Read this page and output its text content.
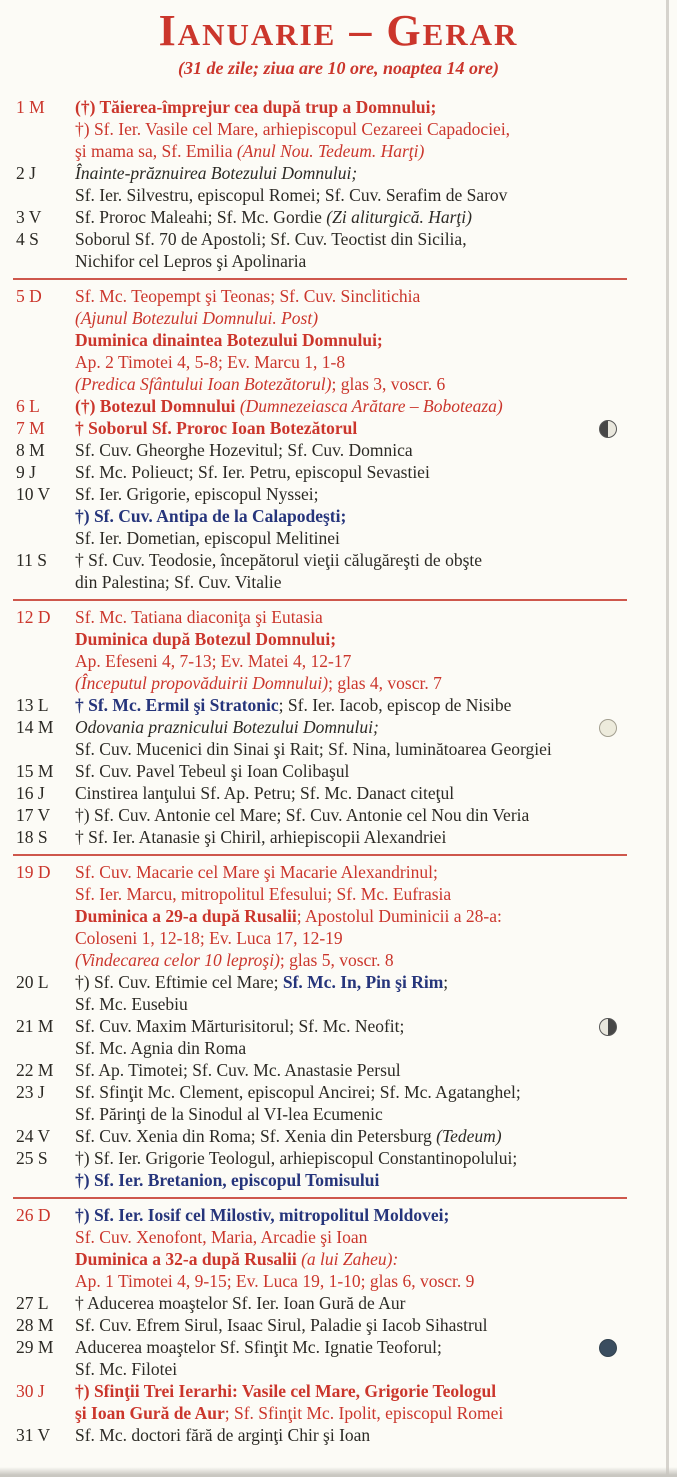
Ianuarie – Gerar
(31 de zile; ziua are 10 ore, noaptea 14 ore)
1 M	(†) Tăierea-împrejur cea după trup a Domnului;
†) Sf. Ier. Vasile cel Mare, arhiepiscopul Cezareei Capadociei,
şi mama sa, Sf. Emilia (Anul Nou. Tedeum. Harţi)
2 J	Înainte-prăznuirea Botezului Domnului;
Sf. Ier. Silvestru, episcopul Romei; Sf. Cuv. Serafim de Sarov
3 V	Sf. Proroc Maleahi; Sf. Mc. Gordie (Zi aliturgică. Harţi)
4 S	Soborul Sf. 70 de Apostoli; Sf. Cuv. Teoctist din Sicilia,
Nichifor cel Lepros şi Apolinaria
5 D	Sf. Mc. Teopempt şi Teonas; Sf. Cuv. Sinclitichia
(Ajunul Botezului Domnului. Post)
Duminica dinaintea Botezului Domnului;
Ap. 2 Timotei 4, 5-8; Ev. Marcu 1, 1-8
(Predica Sfântului Ioan Botezătorul); glas 3, voscr. 6
6 L	(†) Botezul Domnului (Dumnezeiasca Arătare – Boboteaza)
7 M	† Soborul Sf. Proroc Ioan Botezătorul
8 M	Sf. Cuv. Gheorghe Hozevitul; Sf. Cuv. Domnica
9 J	Sf. Mc. Polieuct; Sf. Ier. Petru, episcopul Sevastiei
10 V	Sf. Ier. Grigorie, episcopul Nyssei;
†) Sf. Cuv. Antipa de la Calapodeşti;
Sf. Ier. Dometian, episcopul Melitinei
11 S	† Sf. Cuv. Teodosie, începătorul vieţii călugăreşti de obşte
din Palestina; Sf. Cuv. Vitalie
12 D	Sf. Mc. Tatiana diaconiţa şi Eutasia
Duminica după Botezul Domnului;
Ap. Efeseni 4, 7-13; Ev. Matei 4, 12-17
(Începutul propovăduirii Domnului); glas 4, voscr. 7
13 L	† Sf. Mc. Ermil şi Stratonic; Sf. Ier. Iacob, episcop de Nisibe
14 M	Odovania praznicului Botezului Domnului;
Sf. Cuv. Mucenici din Sinai şi Rait; Sf. Nina, luminătoarea Georgiei
15 M	Sf. Cuv. Pavel Tebeul şi Ioan Colibaşul
16 J	Cinstirea lanţului Sf. Ap. Petru; Sf. Mc. Danact citeţul
17 V	†) Sf. Cuv. Antonie cel Mare; Sf. Cuv. Antonie cel Nou din Veria
18 S	† Sf. Ier. Atanasie şi Chiril, arhiepiscopii Alexandriei
19 D	Sf. Cuv. Macarie cel Mare şi Macarie Alexandrinul;
Sf. Ier. Marcu, mitropolitul Efesului; Sf. Mc. Eufrasia
Duminica a 29-a după Rusalii; Apostolul Duminicii a 28-a:
Coloseni 1, 12-18; Ev. Luca 17, 12-19
(Vindecarea celor 10 leproşi); glas 5, voscr. 8
20 L	†) Sf. Cuv. Eftimie cel Mare; Sf. Mc. In, Pin şi Rim;
Sf. Mc. Eusebiu
21 M	Sf. Cuv. Maxim Mărturisitorul; Sf. Mc. Neofit;
Sf. Mc. Agnia din Roma
22 M	Sf. Ap. Timotei; Sf. Cuv. Mc. Anastasie Persul
23 J	Sf. Sfinţit Mc. Clement, episcopul Ancirei; Sf. Mc. Agatanghel;
Sf. Părinţi de la Sinodul al VI-lea Ecumenic
24 V	Sf. Cuv. Xenia din Roma; Sf. Xenia din Petersburg (Tedeum)
25 S	†) Sf. Ier. Grigorie Teologul, arhiepiscopul Constantinopolului;
†) Sf. Ier. Bretanion, episcopul Tomisului
26 D	†) Sf. Ier. Iosif cel Milostiv, mitropolitul Moldovei;
Sf. Cuv. Xenofont, Maria, Arcadie şi Ioan
Duminica a 32-a după Rusalii (a lui Zaheu):
Ap. 1 Timotei 4, 9-15; Ev. Luca 19, 1-10; glas 6, voscr. 9
27 L	† Aducerea moaştelor Sf. Ier. Ioan Gură de Aur
28 M	Sf. Cuv. Efrem Sirul, Isaac Sirul, Paladie şi Iacob Sihastrul
29 M	Aducerea moaştelor Sf. Sfinţit Mc. Ignatie Teoforul;
Sf. Mc. Filotei
30 J	†) Sfinţii Trei Ierarhi: Vasile cel Mare, Grigorie Teologul
şi Ioan Gură de Aur; Sf. Sfinţit Mc. Ipolit, episcopul Romei
31 V	Sf. Mc. doctori fără de arginţi Chir şi Ioan
